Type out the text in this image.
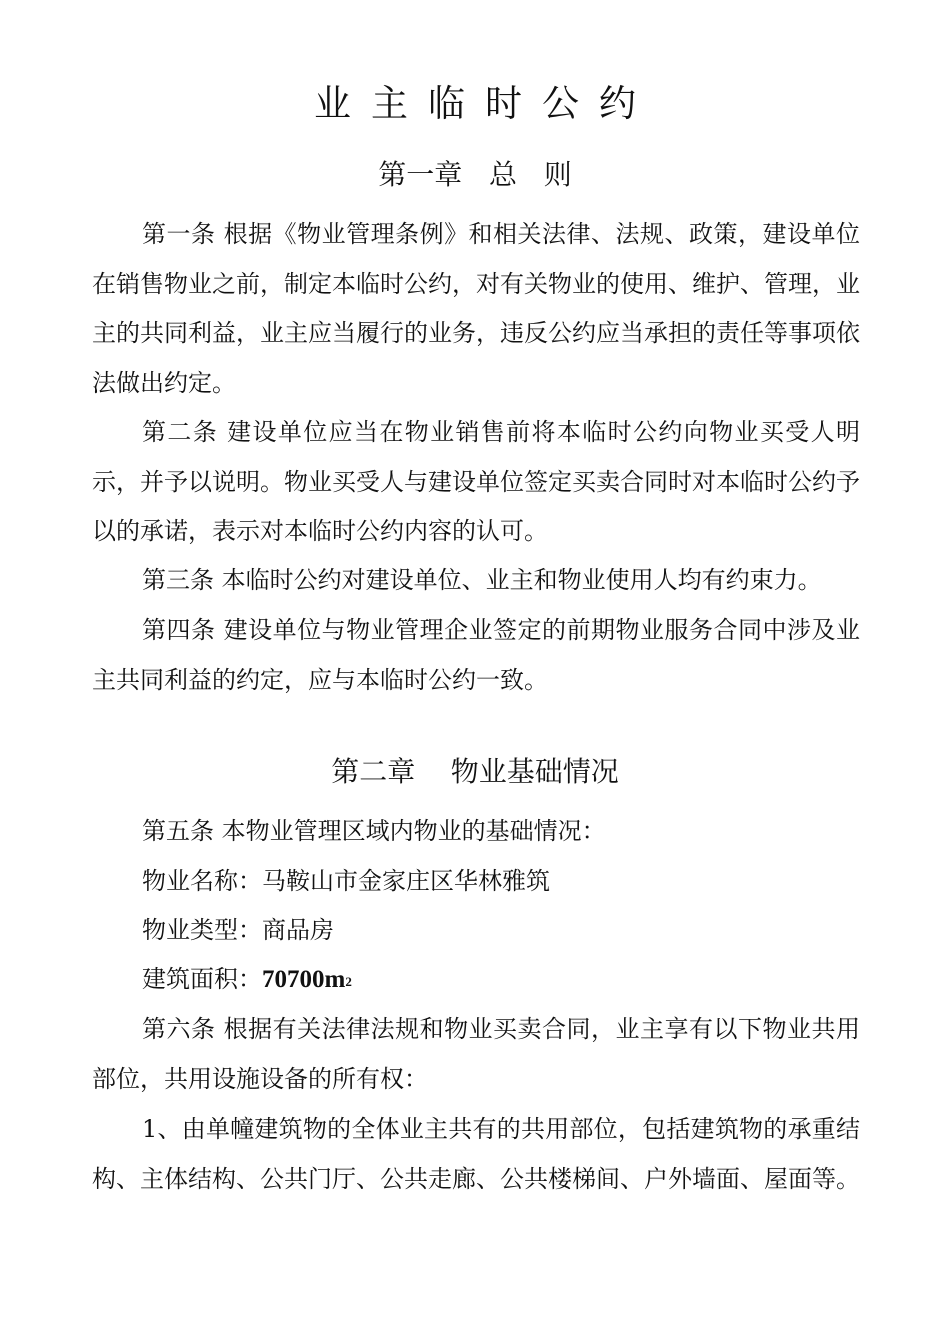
业主临时公约
第一章   总   则

第一条 根据《物业管理条例》和相关法律、法规、政策，建设单位在销售物业之前，制定本临时公约，对有关物业的使用、维护、管理，业主的共同利益，业主应当履行的业务，违反公约应当承担的责任等事项依法做出约定。

第二条 建设单位应当在物业销售前将本临时公约向物业买受人明示，并予以说明。物业买受人与建设单位签定买卖合同时对本临时公约予以的承诺，表示对本临时公约内容的认可。

第三条 本临时公约对建设单位、业主和物业使用人均有约束力。

第四条 建设单位与物业管理企业签定的前期物业服务合同中涉及业主共同利益的约定，应与本临时公约一致。

第二章    物业基础情况
第五条 本物业管理区域内物业的基础情况：
物业名称：马鞍山市金家庄区华林雅筑
物业类型：商品房
建筑面积：70700m2

第六条 根据有关法律法规和物业买卖合同，业主享有以下物业共用部位，共用设施设备的所有权：

1、由单幢建筑物的全体业主共有的共用部位，包括建筑物的承重结构、主体结构、公共门厅、公共走廊、公共楼梯间、户外墙面、屋面等。
